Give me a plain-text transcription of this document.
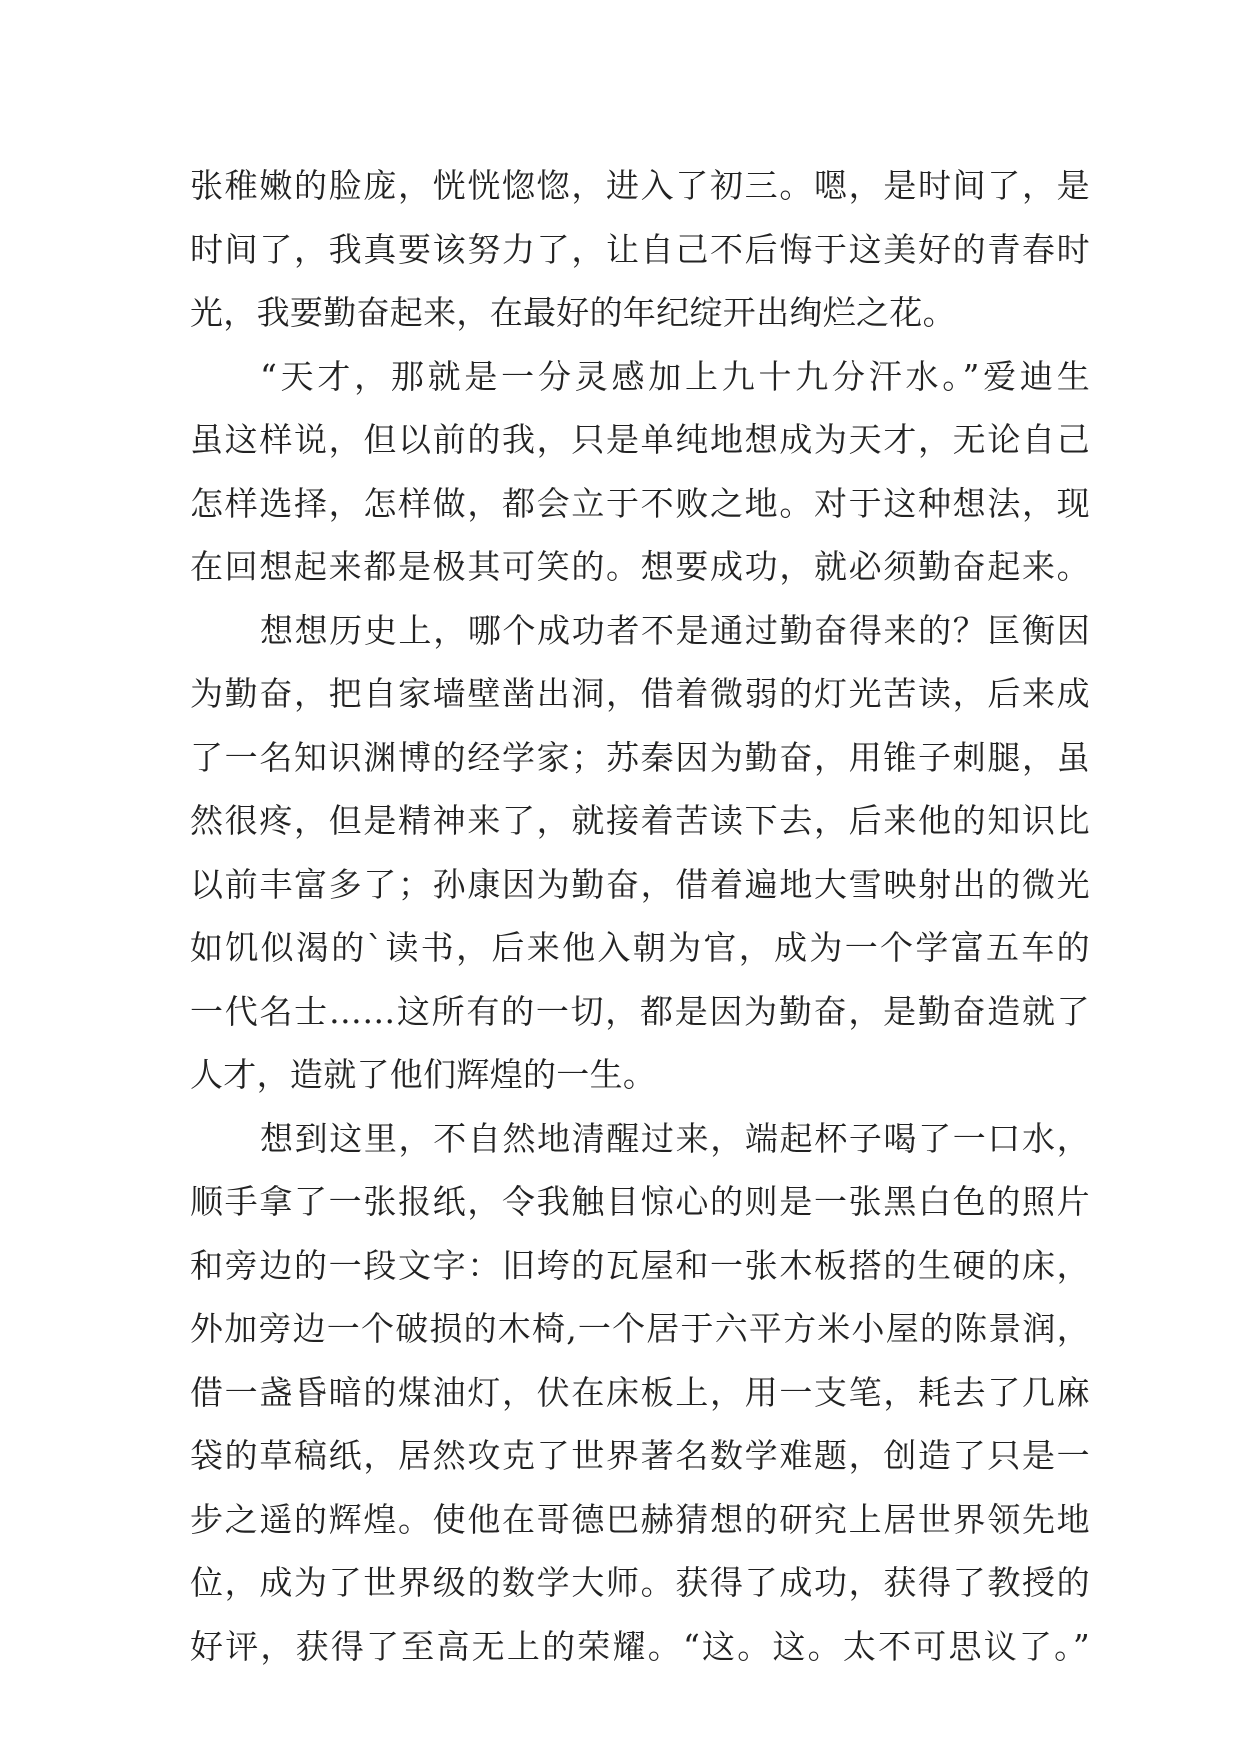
张稚嫩的脸庞，恍恍惚惚，进入了初三。嗯，是时间了，是
时间了，我真要该努力了，让自己不后悔于这美好的青春时
光，我要勤奋起来，在最好的年纪绽开出绚烂之花。
“天才，那就是一分灵感加上九十九分汗水。”爱迪生
虽这样说，但以前的我，只是单纯地想成为天才，无论自己
怎样选择，怎样做，都会立于不败之地。对于这种想法，现
在回想起来都是极其可笑的。想要成功，就必须勤奋起来。
想想历史上，哪个成功者不是通过勤奋得来的？匡衡因
为勤奋，把自家墙壁凿出洞，借着微弱的灯光苦读，后来成
了一名知识渊博的经学家；苏秦因为勤奋，用锥子刺腿，虽
然很疼，但是精神来了，就接着苦读下去，后来他的知识比
以前丰富多了；孙康因为勤奋，借着遍地大雪映射出的微光
如饥似渴的`读书，后来他入朝为官，成为一个学富五车的
一代名士……这所有的一切，都是因为勤奋，是勤奋造就了
人才，造就了他们辉煌的一生。
想到这里，不自然地清醒过来，端起杯子喝了一口水，
顺手拿了一张报纸，令我触目惊心的则是一张黑白色的照片
和旁边的一段文字：旧垮的瓦屋和一张木板搭的生硬的床，
外加旁边一个破损的木椅,一个居于六平方米小屋的陈景润，
借一盏昏暗的煤油灯，伏在床板上，用一支笔，耗去了几麻
袋的草稿纸，居然攻克了世界著名数学难题，创造了只是一
步之遥的辉煌。使他在哥德巴赫猜想的研究上居世界领先地
位，成为了世界级的数学大师。获得了成功，获得了教授的
好评，获得了至高无上的荣耀。“这。这。太不可思议了。”
